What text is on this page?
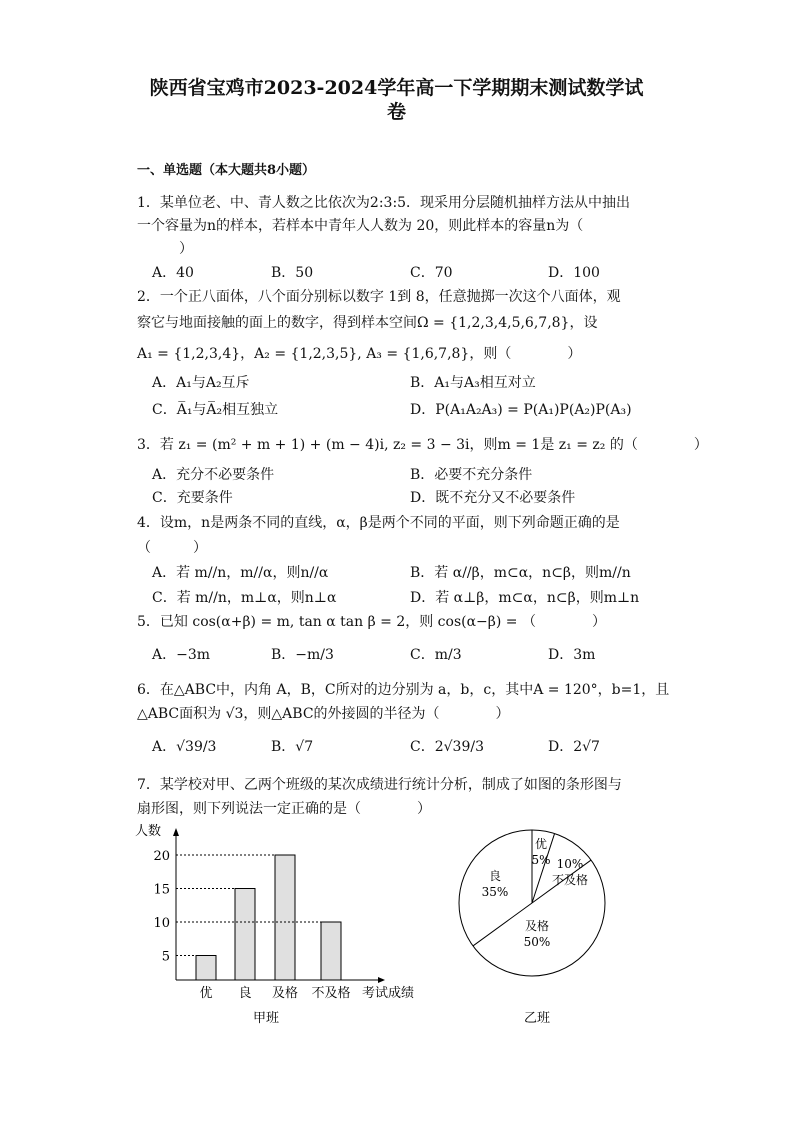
陕西省宝鸡市2023-2024学年高一下学期期末测试数学试
卷
一、单选题（本大题共8小题）
1．某单位老、中、青人数之比依次为2:3:5．现采用分层随机抽样方法从中抽出
一个容量为n的样本，若样本中青年人人数为 20，则此样本的容量n为（
　　　）
A．40	B．50	C．70	D．100
2．一个正八面体，八个面分别标以数字 1到 8，任意抛掷一次这个八面体，观
察它与地面接触的面上的数字，得到样本空间Ω = {1,2,3,4,5,6,7,8}，设
A₁ = {1,2,3,4}，A₂ = {1,2,3,5}, A₃ = {1,6,7,8}，则（　　　　）
A．A₁与A₂互斥	B．A₁与A₃相互对立
C．A̅₁与A̅₂相互独立	D．P(A₁A₂A₃) = P(A₁)P(A₂)P(A₃)
3．若 z₁ = (m² + m + 1) + (m − 4)i, z₂ = 3 − 3i，则m = 1是 z₁ = z₂ 的（　　　　）
A．充分不必要条件	B．必要不充分条件
C．充要条件	D．既不充分又不必要条件
4．设m，n是两条不同的直线，α，β是两个不同的平面，则下列命题正确的是
（　　　）
A．若 m//n，m//α，则n//α	B．若 α//β，m⊂α，n⊂β，则m//n
C．若 m//n，m⊥α，则n⊥α	D．若 α⊥β，m⊂α，n⊂β，则m⊥n
5．已知 cos(α+β) = m, tan α tan β = 2，则 cos(α−β) = （　　　　）
A．−3m	B．−m/3	C．m/3	D．3m
6．在△ABC中，内角 A，B，C所对的边分别为 a，b，c，其中A = 120°，b=1，且
△ABC面积为 √3，则△ABC的外接圆的半径为（　　　　）
A．√39/3	B．√7	C．2√39/3	D．2√7
7．某学校对甲、乙两个班级的某次成绩进行统计分析，制成了如图的条形图与
扇形图，则下列说法一定正确的是（　　　　）
人数
考试成绩
5
10
15
20
优 良 及格 不及格
甲班
优
5% 10%
不及格
及格
50%
良
35%
乙班
